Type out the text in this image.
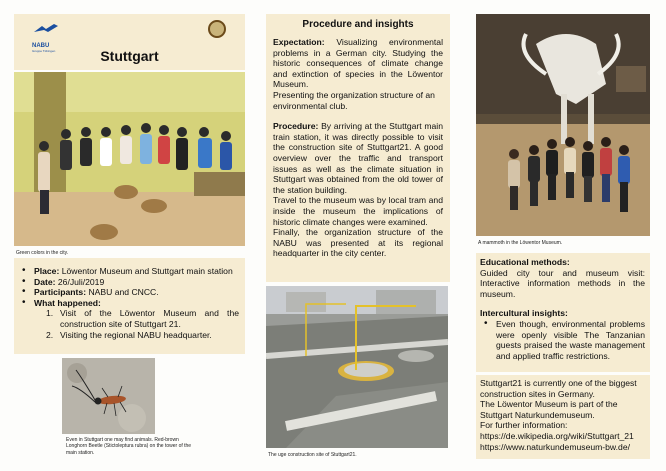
NABU
Gruppe Tübingen	Stuttgart
Green colors in the city.
• Place: Löwentor Museum and Stuttgart main station
• Date: 26/Juli/2019
• Participants: NABU and CNCC.
• What happened:
1. Visit of the Löwentor Museum and the construction site of Stuttgart 21.
2. Visiting the regional NABU headquarter.
Even in Stuttgart one may find animals. Red-brown Longhorn Beetle (Stictoleptura rubra) on the tower of the main station.
Procedure and insights

Expectation: Visualizing environmental problems in a German city. Studying the historic consequences of climate change and extinction of species in the Löwentor Museum.

Presenting the organization structure of an environmental club.

Procedure: By arriving at the Stuttgart main train station, it was directly possible to visit the construction site of Stuttgart21. A good overview over the traffic and transport issues as well as the climate situation in Stuttgart was obtained from the old tower of the station building.

Travel to the museum was by local tram and inside the museum the implications of historic climate changes were examined.

Finally, the organization structure of the NABU was presented at its regional headquarter in the city center.

The uge construction site of Stuttgart21.
A mammoth in the Löwentor Museum.

Educational methods:

Guided city tour and museum visit: Interactive information methods in the museum.

Intercultural insights:

• Even though, environmental problems were openly visible The Tanzanian guests praised the waste management and applied traffic restrictions.

Stuttgart21 is currently one of the biggest construction sites in Germany.

The Löwentor Museum is part of the Stuttgart Naturkundemuseum.

For further information:

https://de.wikipedia.org/wiki/Stuttgart_21

https://www.naturkundemuseum-bw.de/
